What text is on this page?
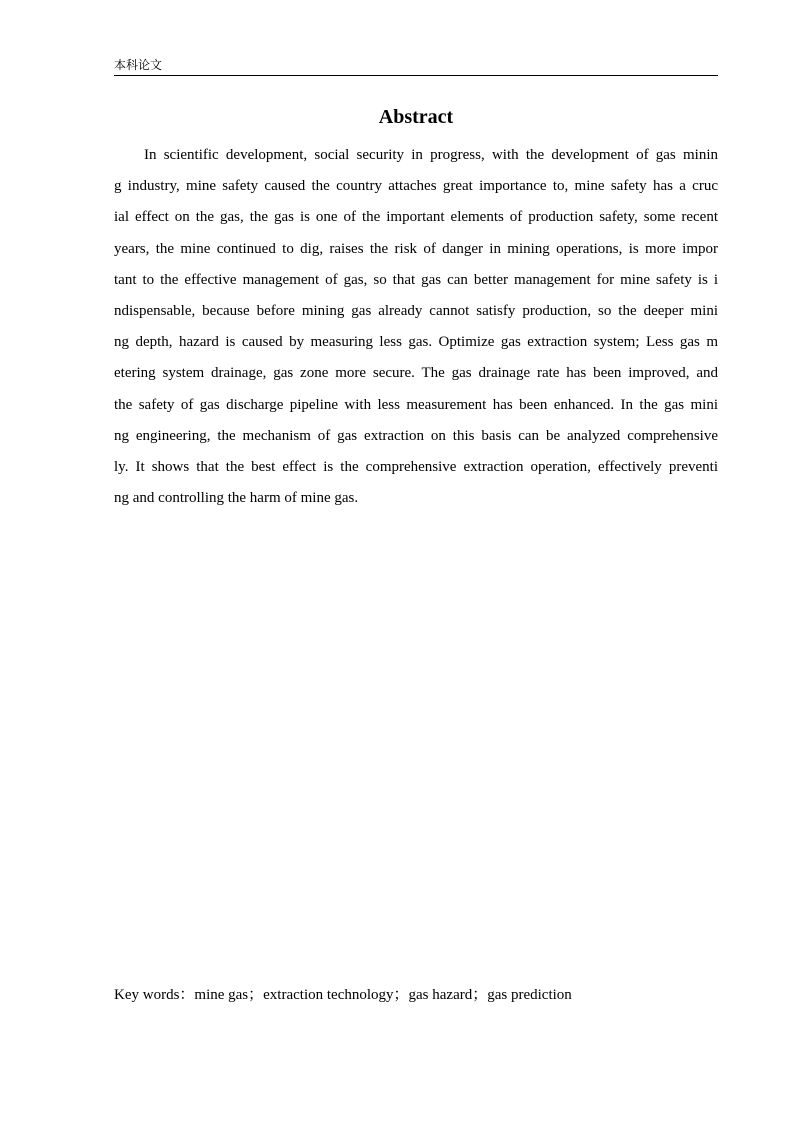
本科论文
Abstract
In scientific development, social security in progress, with the development of gas minin
g industry, mine safety caused the country attaches great importance to, mine safety has a cruc
ial effect on the gas, the gas is one of the important elements of production safety, some recent
years, the mine continued to dig, raises the risk of danger in mining operations, is more impor
tant to the effective management of gas, so that gas can better management for mine safety is i
ndispensable, because before mining gas already cannot satisfy production, so the deeper mini
ng depth, hazard is caused by measuring less gas. Optimize gas extraction system; Less gas m
etering system drainage, gas zone more secure. The gas drainage rate has been improved, and
the safety of gas discharge pipeline with less measurement has been enhanced. In the gas mini
ng engineering, the mechanism of gas extraction on this basis can be analyzed comprehensive
ly. It shows that the best effect is the comprehensive extraction operation, effectively preventi
ng and controlling the harm of mine gas.
Key words：mine gas；extraction technology；gas hazard；gas prediction
